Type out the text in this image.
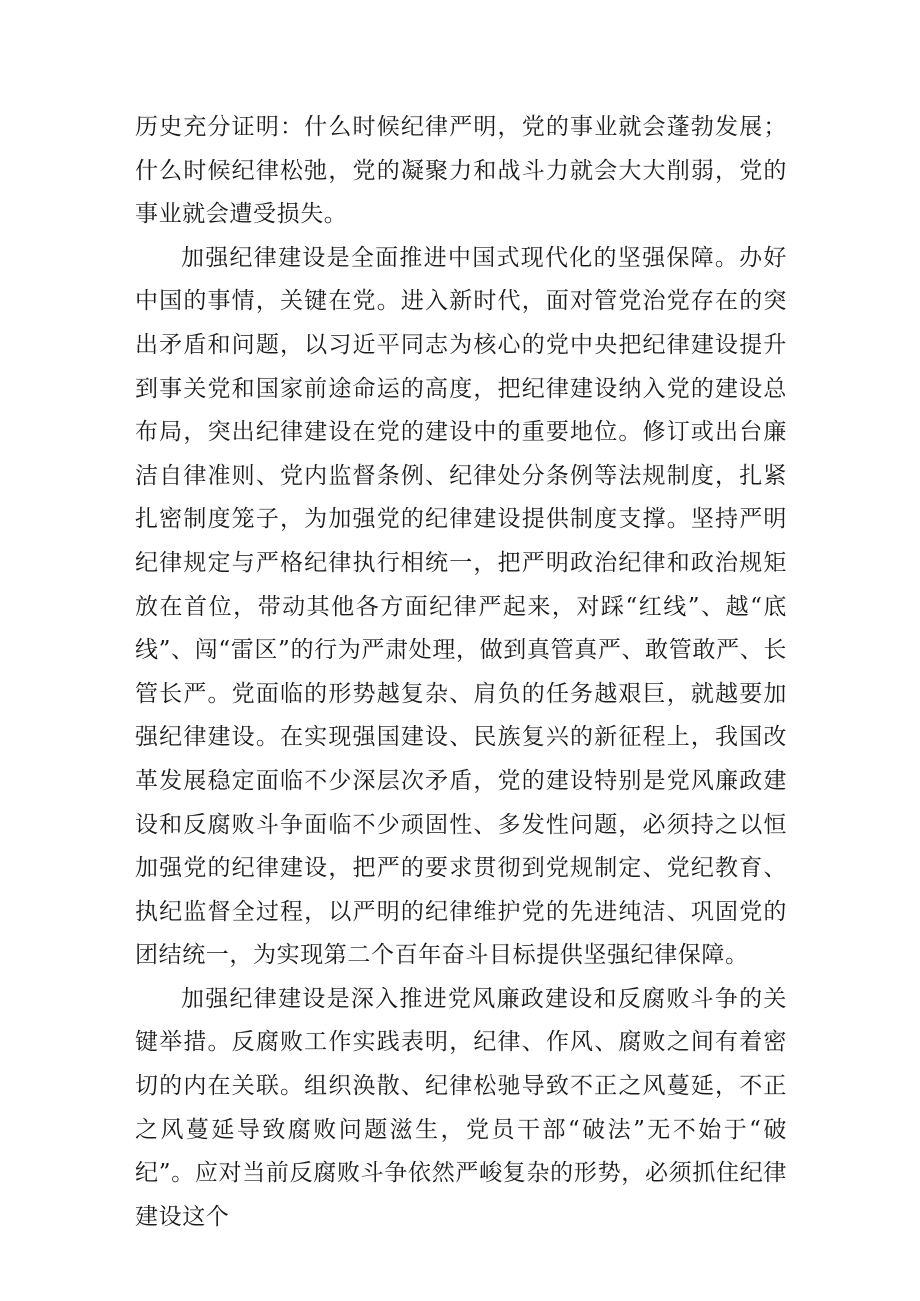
历史充分证明：什么时候纪律严明，党的事业就会蓬勃发展；什么时候纪律松弛，党的凝聚力和战斗力就会大大削弱，党的事业就会遭受损失。

加强纪律建设是全面推进中国式现代化的坚强保障。办好中国的事情，关键在党。进入新时代，面对管党治党存在的突出矛盾和问题，以习近平同志为核心的党中央把纪律建设提升到事关党和国家前途命运的高度，把纪律建设纳入党的建设总布局，突出纪律建设在党的建设中的重要地位。修订或出台廉洁自律准则、党内监督条例、纪律处分条例等法规制度，扎紧扎密制度笼子，为加强党的纪律建设提供制度支撑。坚持严明纪律规定与严格纪律执行相统一，把严明政治纪律和政治规矩放在首位，带动其他各方面纪律严起来，对踩“红线”、越“底线”、闯“雷区”的行为严肃处理，做到真管真严、敢管敢严、长管长严。党面临的形势越复杂、肩负的任务越艰巨，就越要加强纪律建设。在实现强国建设、民族复兴的新征程上，我国改革发展稳定面临不少深层次矛盾，党的建设特别是党风廉政建设和反腐败斗争面临不少顽固性、多发性问题，必须持之以恒加强党的纪律建设，把严的要求贯彻到党规制定、党纪教育、执纪监督全过程，以严明的纪律维护党的先进纯洁、巩固党的团结统一，为实现第二个百年奋斗目标提供坚强纪律保障。

加强纪律建设是深入推进党风廉政建设和反腐败斗争的关键举措。反腐败工作实践表明，纪律、作风、腐败之间有着密切的内在关联。组织涣散、纪律松驰导致不正之风蔓延，不正之风蔓延导致腐败问题滋生，党员干部“破法”无不始于“破纪”。应对当前反腐败斗争依然严峻复杂的形势，必须抓住纪律建设这个
